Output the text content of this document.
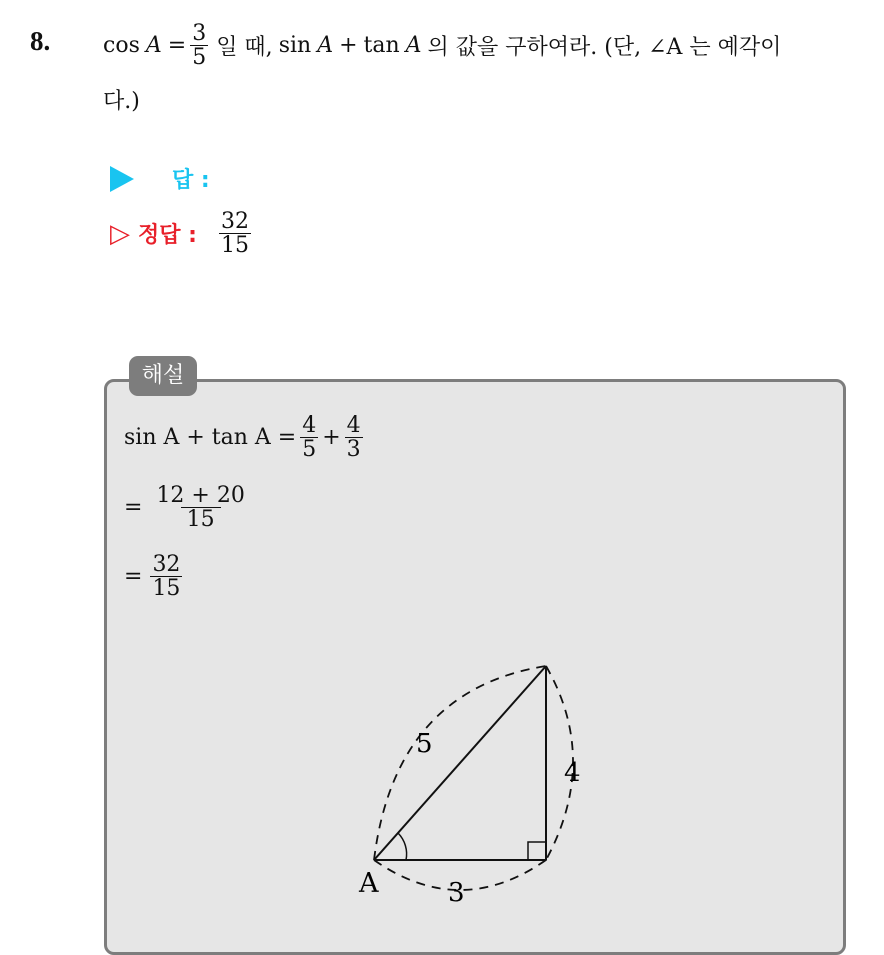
8. $\cos A = \frac{3}{5}$ 일 때, sin A + tan A 의 값을 구하여라. (단, ∠A 는 예각이
다.)
답 :
▷ 정답 : $\frac{32}{15}$
해설
$\sin A + \tan A = \frac{4}{5} + \frac{4}{3}$
= $\frac{12 + 20}{15}$
= $\frac{32}{15}$
5
4
3
A
